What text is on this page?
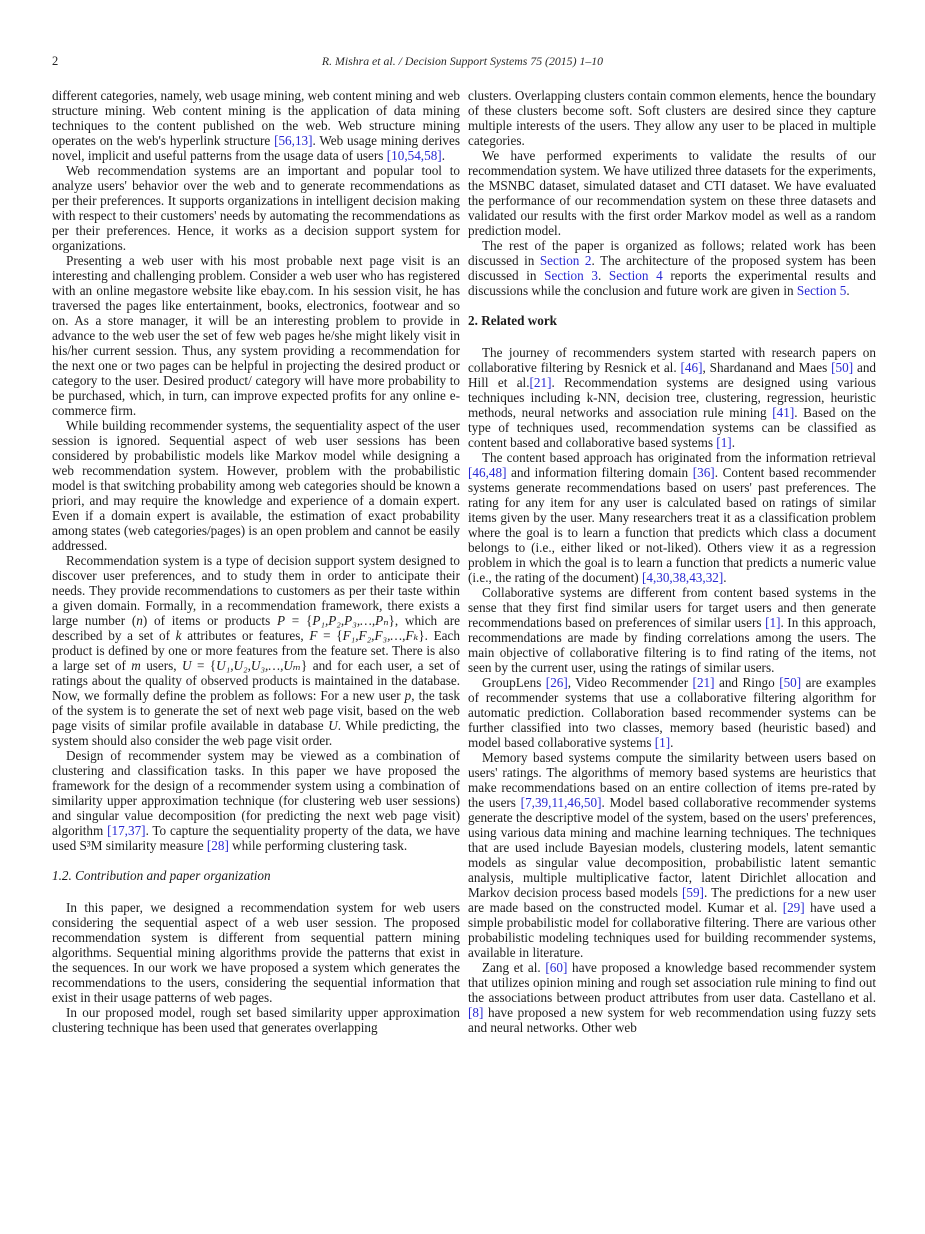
2	R. Mishra et al. / Decision Support Systems 75 (2015) 1–10

different categories, namely, web usage mining, web content mining and web structure mining. Web content mining is the application of data mining techniques to the content published on the web. Web structure mining operates on the web's hyperlink structure [56,13]. Web usage mining derives novel, implicit and useful patterns from the usage data of users [10,54,58].

Web recommendation systems are an important and popular tool to analyze users' behavior over the web and to generate recommendations as per their preferences. It supports organizations in intelligent decision making with respect to their customers' needs by automating the recommendations as per their preferences. Hence, it works as a decision support system for organizations.

Presenting a web user with his most probable next page visit is an interesting and challenging problem. Consider a web user who has registered with an online megastore website like ebay.com. In his session visit, he has traversed the pages like entertainment, books, electronics, footwear and so on. As a store manager, it will be an interesting problem to provide in advance to the web user the set of few web pages he/she might likely visit in his/her current session. Thus, any system providing a recommendation for the next one or two pages can be helpful in projecting the desired product or category to the user. Desired product/ category will have more probability to be purchased, which, in turn, can improve expected profits for any online e-commerce firm.

While building recommender systems, the sequentiality aspect of the user session is ignored. Sequential aspect of web user sessions has been considered by probabilistic models like Markov model while designing a web recommendation system. However, problem with the probabilistic model is that switching probability among web categories should be known a priori, and may require the knowledge and experience of a domain expert. Even if a domain expert is available, the estimation of exact probability among states (web categories/pages) is an open problem and cannot be easily addressed.

Recommendation system is a type of decision support system designed to discover user preferences, and to study them in order to anticipate their needs. They provide recommendations to customers as per their taste within a given domain. Formally, in a recommendation framework, there exists a large number (n) of items or products P = {P₁,P₂,P₃,…,Pₙ}, which are described by a set of k attributes or features, F = {F₁,F₂,F₃,…,Fₖ}. Each product is defined by one or more features from the feature set. There is also a large set of m users, U = {U₁,U₂,U₃,…,Uₘ} and for each user, a set of ratings about the quality of observed products is maintained in the database. Now, we formally define the problem as follows: For a new user p, the task of the system is to generate the set of next web page visit, based on the web page visits of similar profile available in database U. While predicting, the system should also consider the web page visit order.

Design of recommender system may be viewed as a combination of clustering and classification tasks. In this paper we have proposed the framework for the design of a recommender system using a combination of similarity upper approximation technique (for clustering web user sessions) and singular value decomposition (for predicting the next web page visit) algorithm [17,37]. To capture the sequentiality property of the data, we have used S³M similarity measure [28] while performing clustering task.

1.2. Contribution and paper organization

In this paper, we designed a recommendation system for web users considering the sequential aspect of a web user session. The proposed recommendation system is different from sequential pattern mining algorithms. Sequential mining algorithms provide the patterns that exist in the sequences. In our work we have proposed a system which generates the recommendations to the users, considering the sequential information that exist in their usage patterns of web pages.

In our proposed model, rough set based similarity upper approximation clustering technique has been used that generates overlapping

clusters. Overlapping clusters contain common elements, hence the boundary of these clusters become soft. Soft clusters are desired since they capture multiple interests of the users. They allow any user to be placed in multiple categories.

We have performed experiments to validate the results of our recommendation system. We have utilized three datasets for the experiments, the MSNBC dataset, simulated dataset and CTI dataset. We have evaluated the performance of our recommendation system on these three datasets and validated our results with the first order Markov model as well as a random prediction model.

The rest of the paper is organized as follows; related work has been discussed in Section 2. The architecture of the proposed system has been discussed in Section 3. Section 4 reports the experimental results and discussions while the conclusion and future work are given in Section 5.

2. Related work

The journey of recommenders system started with research papers on collaborative filtering by Resnick et al. [46], Shardanand and Maes [50] and Hill et al.[21]. Recommendation systems are designed using various techniques including k-NN, decision tree, clustering, regression, heuristic methods, neural networks and association rule mining [41]. Based on the type of techniques used, recommendation systems can be classified as content based and collaborative based systems [1].

The content based approach has originated from the information retrieval [46,48] and information filtering domain [36]. Content based recommender systems generate recommendations based on users' past preferences. The rating for any item for any user is calculated based on ratings of similar items given by the user. Many researchers treat it as a classification problem where the goal is to learn a function that predicts which class a document belongs to (i.e., either liked or not-liked). Others view it as a regression problem in which the goal is to learn a function that predicts a numeric value (i.e., the rating of the document) [4,30,38,43,32].

Collaborative systems are different from content based systems in the sense that they first find similar users for target users and then generate recommendations based on preferences of similar users [1]. In this approach, recommendations are made by finding correlations among the users. The main objective of collaborative filtering is to find rating of the items, not seen by the current user, using the ratings of similar users.

GroupLens [26], Video Recommender [21] and Ringo [50] are examples of recommender systems that use a collaborative filtering algorithm for automatic prediction. Collaboration based recommender systems can be further classified into two classes, memory based (heuristic based) and model based collaborative systems [1].

Memory based systems compute the similarity between users based on users' ratings. The algorithms of memory based systems are heuristics that make recommendations based on an entire collection of items pre-rated by the users [7,39,11,46,50]. Model based collaborative recommender systems generate the descriptive model of the system, based on the users' preferences, using various data mining and machine learning techniques. The techniques that are used include Bayesian models, clustering models, latent semantic models as singular value decomposition, probabilistic latent semantic analysis, multiple multiplicative factor, latent Dirichlet allocation and Markov decision process based models [59]. The predictions for a new user are made based on the constructed model. Kumar et al. [29] have used a simple probabilistic model for collaborative filtering. There are various other probabilistic modeling techniques used for building recommender systems, available in literature.

Zang et al. [60] have proposed a knowledge based recommender system that utilizes opinion mining and rough set association rule mining to find out the associations between product attributes from user data. Castellano et al.[8] have proposed a new system for web recommendation using fuzzy sets and neural networks. Other web
